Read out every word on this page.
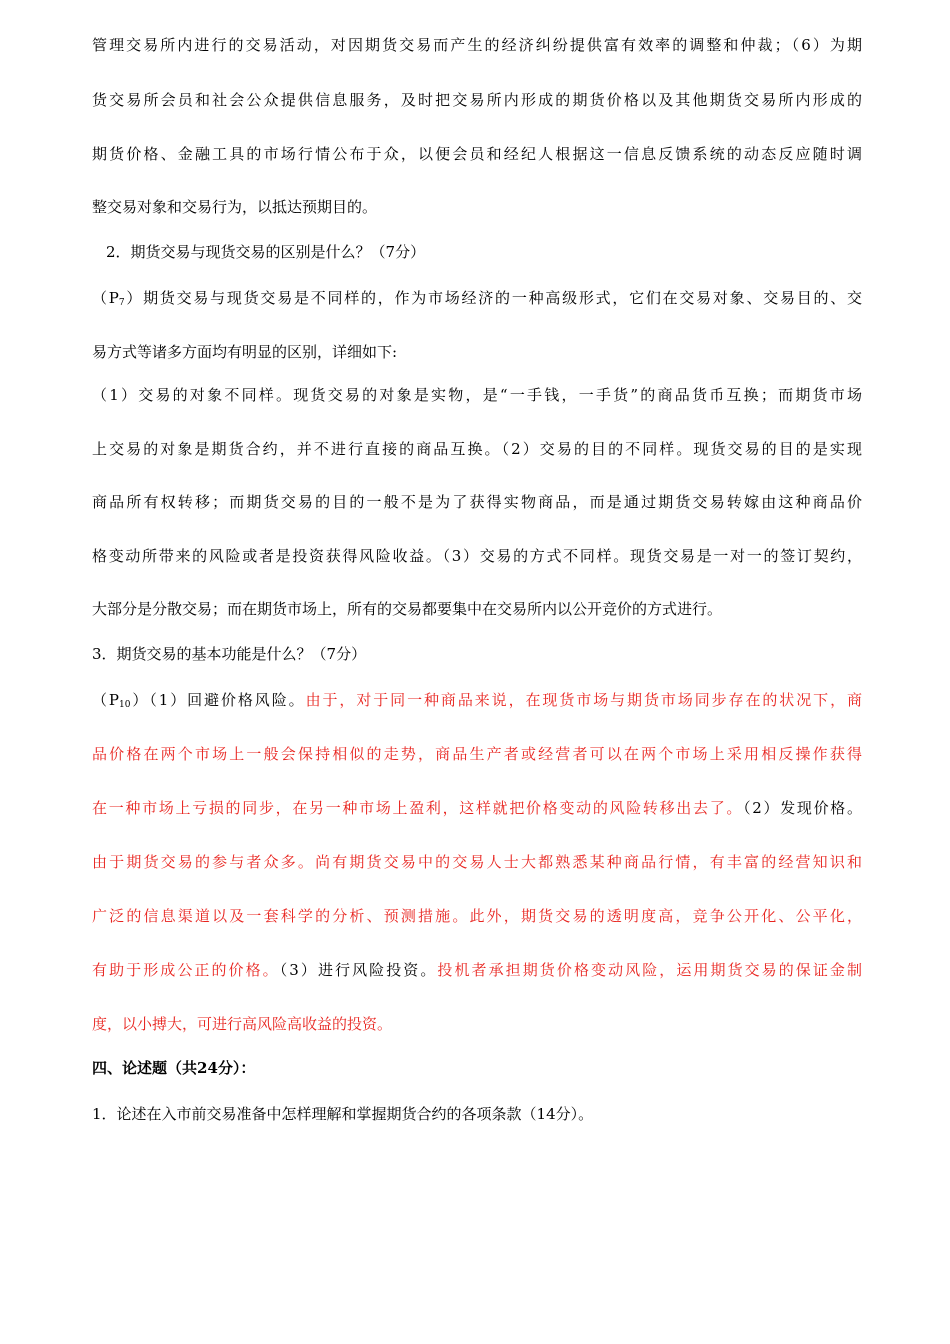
管理交易所内进行的交易活动，对因期货交易而产生的经济纠纷提供富有效率的调整和仲裁；（6）为期
货交易所会员和社会公众提供信息服务，及时把交易所内形成的期货价格以及其他期货交易所内形成的
期货价格、金融工具的市场行情公布于众，以便会员和经纪人根据这一信息反馈系统的动态反应随时调
整交易对象和交易行为，以抵达预期目的。
2．期货交易与现货交易的区别是什么？（7分）
$(P_7)$期货交易与现货交易是不同样的，作为市场经济的一种高级形式，它们在交易对象、交易目的、交
易方式等诸多方面均有明显的区别，详细如下:
（1）交易的对象不同样。现货交易的对象是实物，是“一手钱，一手货”的商品货币互换；而期货市场
上交易的对象是期货合约，并不进行直接的商品互换。（2）交易的目的不同样。现货交易的目的是实现
商品所有权转移；而期货交易的目的一般不是为了获得实物商品，而是通过期货交易转嫁由这种商品价
格变动所带来的风险或者是投资获得风险收益。（3）交易的方式不同样。现货交易是一对一的签订契约，
大部分是分散交易；而在期货市场上，所有的交易都要集中在交易所内以公开竞价的方式进行。
3．期货交易的基本功能是什么？（7分）
$(P_{10})(1)$回避价格风险。由于，对于同一种商品来说，在现货市场与期货市场同步存在的状况下，商
品价格在两个市场上一般会保持相似的走势，商品生产者或经营者可以在两个市场上采用相反操作获得
在一种市场上亏损的同步，在另一种市场上盈利，这样就把价格变动的风险转移出去了。（2）发现价格。
由于期货交易的参与者众多。尚有期货交易中的交易人士大都熟悉某种商品行情，有丰富的经营知识和
广泛的信息渠道以及一套科学的分析、预测措施。此外，期货交易的透明度高，竞争公开化、公平化，
有助于形成公正的价格。（3）进行风险投资。投机者承担期货价格变动风险，运用期货交易的保证金制
度，以小搏大，可进行高风险高收益的投资。
四、论述题（共24分）：
1．论述在入市前交易准备中怎样理解和掌握期货合约的各项条款（14分）。
